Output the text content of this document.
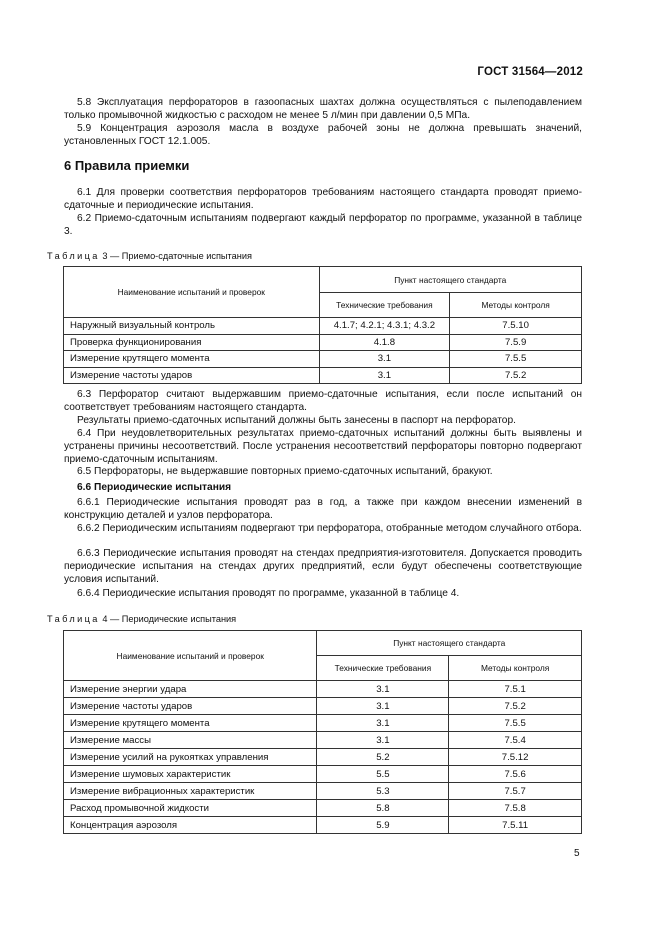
ГОСТ 31564—2012

5.8 Эксплуатация перфораторов в газоопасных шахтах должна осуществляться с пылеподавлением только промывочной жидкостью с расходом не менее 5 л/мин при давлении 0,5 МПа.

5.9 Концентрация аэрозоля масла в воздухе рабочей зоны не должна превышать значений, установленных ГОСТ 12.1.005.

6 Правила приемки

6.1 Для проверки соответствия перфораторов требованиям настоящего стандарта проводят приемо-сдаточные и периодические испытания.

6.2 Приемо-сдаточным испытаниям подвергают каждый перфоратор по программе, указанной в таблице 3.

Таблица 3 — Приемо-сдаточные испытания

Наименование испытаний и проверок	Пункт настоящего стандарта	
	Технические требования	Методы контроля
Наружный визуальный контроль	4.1.7; 4.2.1; 4.3.1; 4.3.2	7.5.10
Проверка функционирования	4.1.8	7.5.9
Измерение крутящего момента	3.1	7.5.5
Измерение частоты ударов	3.1	7.5.2

6.3 Перфоратор считают выдержавшим приемо-сдаточные испытания, если после испытаний он соответствует требованиям настоящего стандарта.

Результаты приемо-сдаточных испытаний должны быть занесены в паспорт на перфоратор.

6.4 При неудовлетворительных результатах приемо-сдаточных испытаний должны быть выявлены и устранены причины несоответствий. После устранения несоответствий перфораторы повторно подвергают приемо-сдаточным испытаниям.

6.5 Перфораторы, не выдержавшие повторных приемо-сдаточных испытаний, бракуют.

6.6 Периодические испытания

6.6.1 Периодические испытания проводят раз в год, а также при каждом внесении изменений в конструкцию деталей и узлов перфоратора.

6.6.2 Периодическим испытаниям подвергают три перфоратора, отобранные методом случайного отбора.

6.6.3 Периодические испытания проводят на стендах предприятия-изготовителя. Допускается проводить периодические испытания на стендах других предприятий, если будут обеспечены соответствующие условия испытаний.

6.6.4 Периодические испытания проводят по программе, указанной в таблице 4.

Таблица 4 — Периодические испытания

Наименование испытаний и проверок	Пункт настоящего стандарта	
	Технические требования	Методы контроля
Измерение энергии удара	3.1	7.5.1
Измерение частоты ударов	3.1	7.5.2
Измерение крутящего момента	3.1	7.5.5
Измерение массы	3.1	7.5.4
Измерение усилий на рукоятках управления	5.2	7.5.12
Измерение шумовых характеристик	5.5	7.5.6
Измерение вибрационных характеристик	5.3	7.5.7
Расход промывочной жидкости	5.8	7.5.8
Концентрация аэрозоля	5.9	7.5.11
5
